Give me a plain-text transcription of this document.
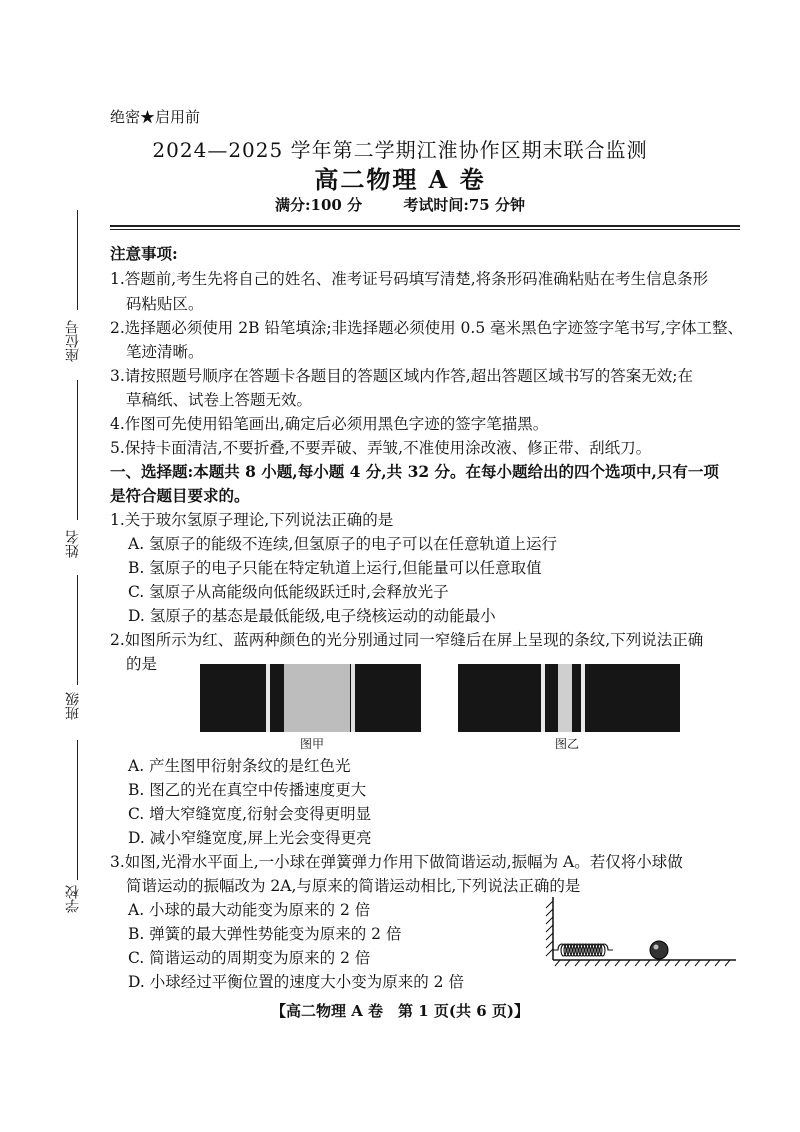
座位号
姓名
班级
学校
绝密★启用前
2024—2025 学年第二学期江淮协作区期末联合监测
高二物理 A 卷
满分:100 分	考试时间:75 分钟
注意事项:
1.答题前,考生先将自己的姓名、准考证号码填写清楚,将条形码准确粘贴在考生信息条形
码粘贴区。
2.选择题必须使用 2B 铅笔填涂;非选择题必须使用 0.5 毫米黑色字迹签字笔书写,字体工整、
笔迹清晰。
3.请按照题号顺序在答题卡各题目的答题区域内作答,超出答题区域书写的答案无效;在
草稿纸、试卷上答题无效。
4.作图可先使用铅笔画出,确定后必须用黑色字迹的签字笔描黑。
5.保持卡面清洁,不要折叠,不要弄破、弄皱,不准使用涂改液、修正带、刮纸刀。
一、选择题:本题共 8 小题,每小题 4 分,共 32 分。在每小题给出的四个选项中,只有一项
是符合题目要求的。
1.关于玻尔氢原子理论,下列说法正确的是
A. 氢原子的能级不连续,但氢原子的电子可以在任意轨道上运行
B. 氢原子的电子只能在特定轨道上运行,但能量可以任意取值
C. 氢原子从高能级向低能级跃迁时,会释放光子
D. 氢原子的基态是最低能级,电子绕核运动的动能最小
2.如图所示为红、蓝两种颜色的光分别通过同一窄缝后在屏上呈现的条纹,下列说法正确
的是
图甲	图乙
A. 产生图甲衍射条纹的是红色光
B. 图乙的光在真空中传播速度更大
C. 增大窄缝宽度,衍射会变得更明显
D. 减小窄缝宽度,屏上光会变得更亮
3.如图,光滑水平面上,一小球在弹簧弹力作用下做简谐运动,振幅为 A。若仅将小球做
简谐运动的振幅改为 2A,与原来的简谐运动相比,下列说法正确的是
A. 小球的最大动能变为原来的 2 倍
B. 弹簧的最大弹性势能变为原来的 2 倍
C. 简谐运动的周期变为原来的 2 倍
D. 小球经过平衡位置的速度大小变为原来的 2 倍
【高二物理 A 卷　第 1 页(共 6 页)】
